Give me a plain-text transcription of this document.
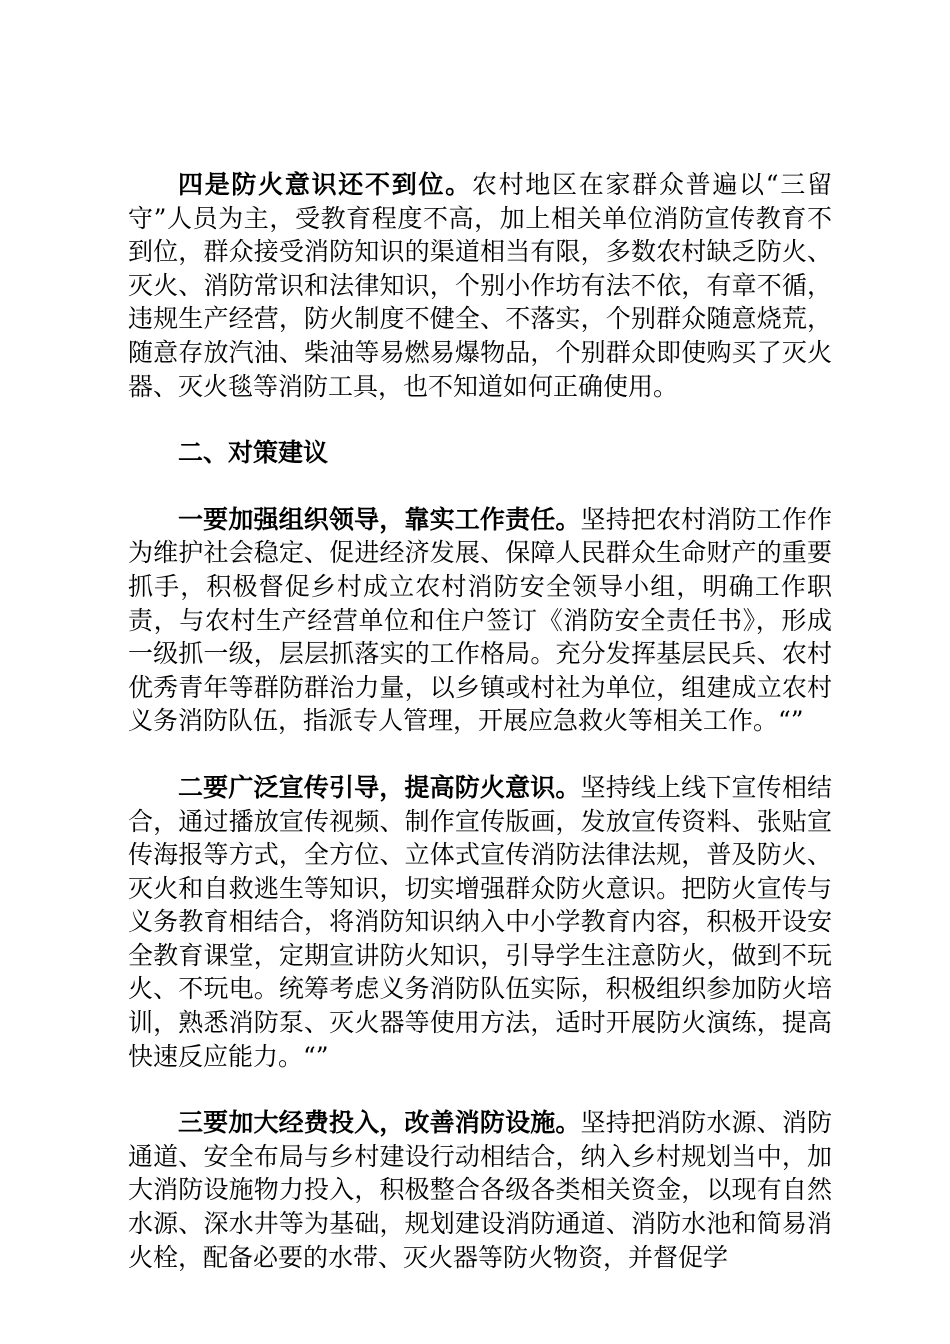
四是防火意识还不到位。农村地区在家群众普遍以“三留守”人员为主，受教育程度不高，加上相关单位消防宣传教育不到位，群众接受消防知识的渠道相当有限，多数农村缺乏防火、灭火、消防常识和法律知识，个别小作坊有法不依，有章不循，违规生产经营，防火制度不健全、不落实，个别群众随意烧荒，随意存放汽油、柴油等易燃易爆物品，个别群众即使购买了灭火器、灭火毯等消防工具，也不知道如何正确使用。

二、对策建议

一要加强组织领导，靠实工作责任。坚持把农村消防工作作为维护社会稳定、促进经济发展、保障人民群众生命财产的重要抓手，积极督促乡村成立农村消防安全领导小组，明确工作职责，与农村生产经营单位和住户签订《消防安全责任书》，形成一级抓一级，层层抓落实的工作格局。充分发挥基层民兵、农村优秀青年等群防群治力量，以乡镇或村社为单位，组建成立农村义务消防队伍，指派专人管理，开展应急救火等相关工作。“”

二要广泛宣传引导，提高防火意识。坚持线上线下宣传相结合，通过播放宣传视频、制作宣传版画，发放宣传资料、张贴宣传海报等方式，全方位、立体式宣传消防法律法规，普及防火、灭火和自救逃生等知识，切实增强群众防火意识。把防火宣传与义务教育相结合，将消防知识纳入中小学教育内容，积极开设安全教育课堂，定期宣讲防火知识，引导学生注意防火，做到不玩火、不玩电。统筹考虑义务消防队伍实际，积极组织参加防火培训，熟悉消防泵、灭火器等使用方法，适时开展防火演练，提高快速反应能力。“”

三要加大经费投入，改善消防设施。坚持把消防水源、消防通道、安全布局与乡村建设行动相结合，纳入乡村规划当中，加大消防设施物力投入，积极整合各级各类相关资金，以现有自然水源、深水井等为基础，规划建设消防通道、消防水池和简易消火栓，配备必要的水带、灭火器等防火物资，并督促学
